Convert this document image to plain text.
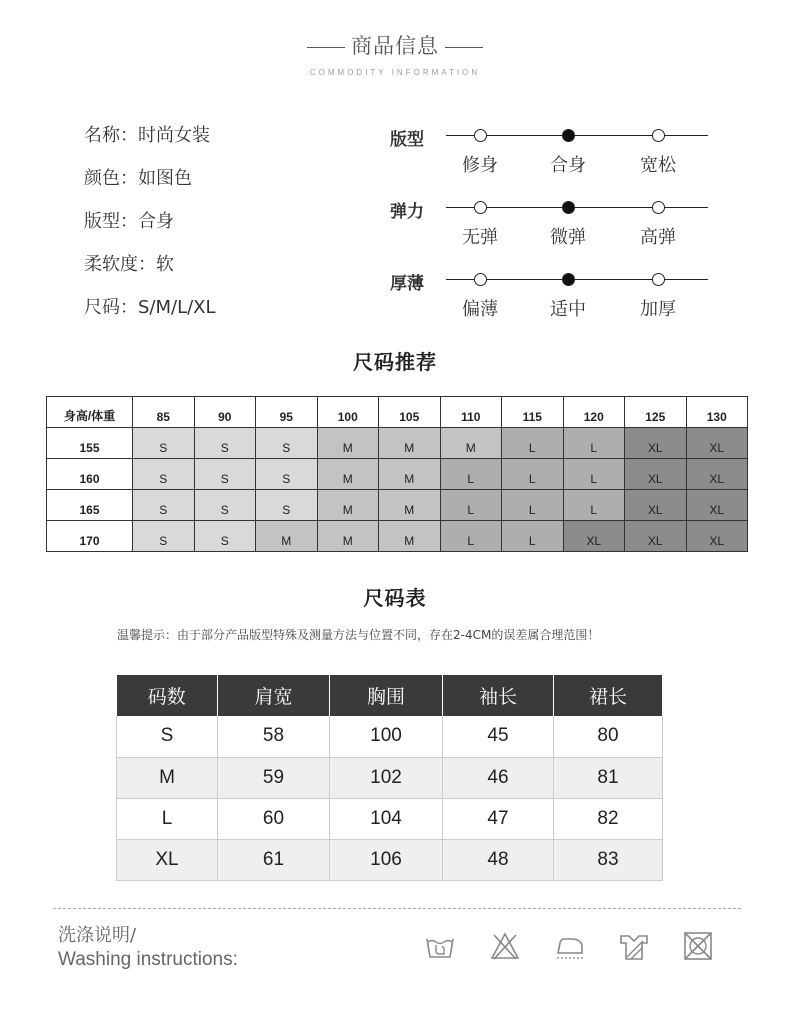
商品信息
COMMODITY INFORMATION
名称：时尚女装
颜色：如图色
版型：合身
柔软度：软
尺码：S/M/L/XL
版型
修身	合身	宽松
弹力
无弹	微弹	高弹
厚薄
偏薄	适中	加厚
尺码推荐
身高/体重	85	90	95	100	105	110	115	120	125	130
155	S	S	S	M	M	M	L	L	XL	XL
160	S	S	S	M	M	L	L	L	XL	XL
165	S	S	S	M	M	L	L	L	XL	XL
170	S	S	M	M	M	L	L	XL	XL	XL
尺码表
温馨提示：由于部分产品版型特殊及测量方法与位置不同，存在2-4CM的误差属合理范围！
码数	肩宽	胸围	袖长	裙长
S	58	100	45	80
M	59	102	46	81
L	60	104	47	82
XL	61	106	48	83
洗涤说明/
Washing instructions:
